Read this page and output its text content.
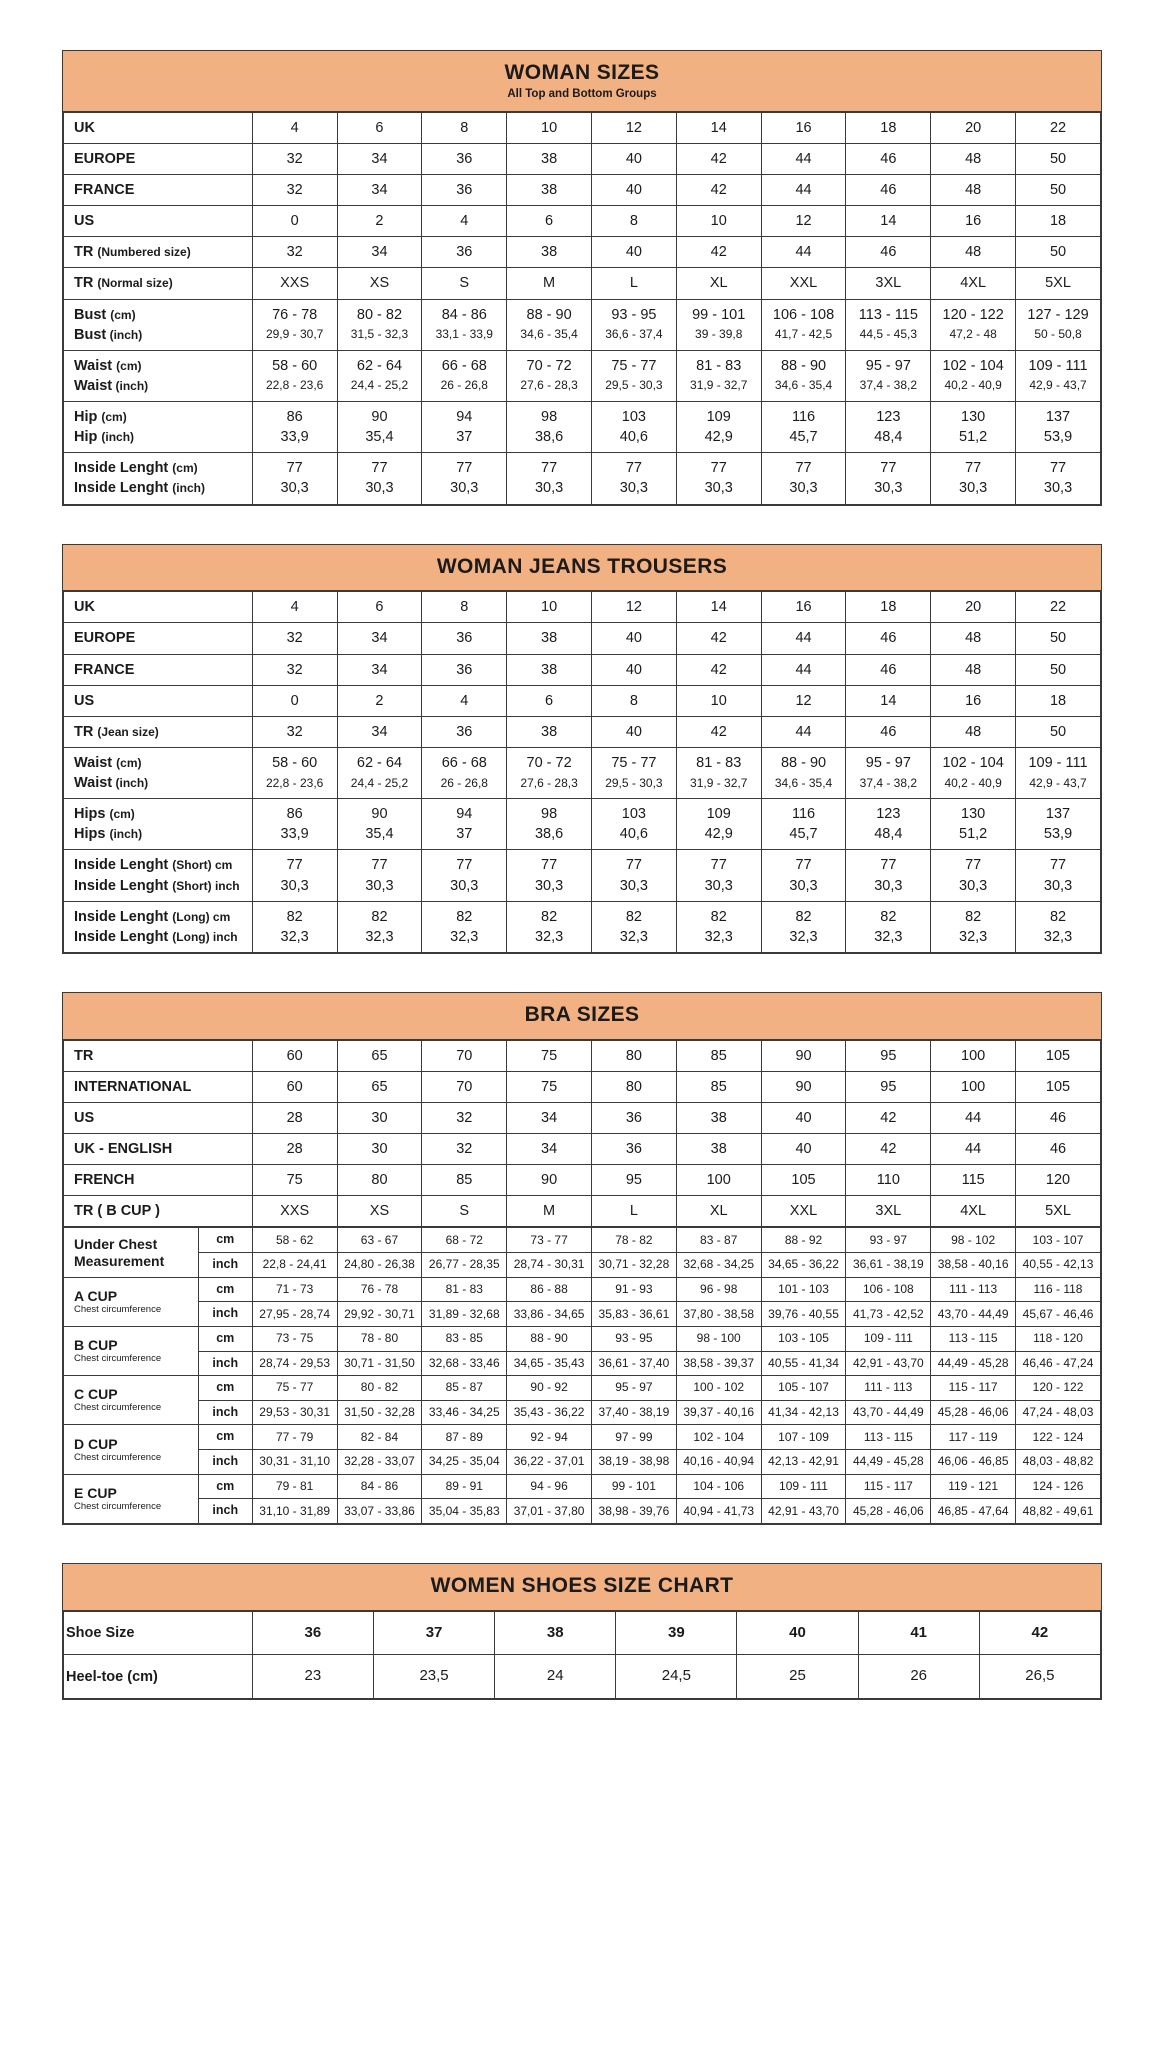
WOMAN SIZES
All Top and Bottom Groups
UK	4	6	8	10	12	14	16	18	20	22
EUROPE	32	34	36	38	40	42	44	46	48	50
FRANCE	32	34	36	38	40	42	44	46	48	50
US	0	2	4	6	8	10	12	14	16	18
TR (Numbered size)	32	34	36	38	40	42	44	46	48	50
TR (Normal size)	XXS	XS	S	M	L	XL	XXL	3XL	4XL	5XL
Bust (cm)	76 - 78	80 - 82	84 - 86	88 - 90	93 - 95	99 - 101	106 - 108	113 - 115	120 - 122	127 - 129
Bust (inch)	29,9 - 30,7	31,5 - 32,3	33,1 - 33,9	34,6 - 35,4	36,6 - 37,4	39 - 39,8	41,7 - 42,5	44,5 - 45,3	47,2 - 48	50 - 50,8
Waist (cm)	58 - 60	62 - 64	66 - 68	70 - 72	75 - 77	81 - 83	88 - 90	95 - 97	102 - 104	109 - 111
Waist (inch)	22,8 - 23,6	24,4 - 25,2	26 - 26,8	27,6 - 28,3	29,5 - 30,3	31,9 - 32,7	34,6 - 35,4	37,4 - 38,2	40,2 - 40,9	42,9 - 43,7
Hip (cm)	86	90	94	98	103	109	116	123	130	137
Hip (inch)	33,9	35,4	37	38,6	40,6	42,9	45,7	48,4	51,2	53,9
Inside Lenght (cm)	77	77	77	77	77	77	77	77	77	77
Inside Lenght (inch)	30,3	30,3	30,3	30,3	30,3	30,3	30,3	30,3	30,3	30,3
WOMAN JEANS TROUSERS
UK	4	6	8	10	12	14	16	18	20	22
EUROPE	32	34	36	38	40	42	44	46	48	50
FRANCE	32	34	36	38	40	42	44	46	48	50
US	0	2	4	6	8	10	12	14	16	18
TR (Jean size)	32	34	36	38	40	42	44	46	48	50
Waist (cm)	58 - 60	62 - 64	66 - 68	70 - 72	75 - 77	81 - 83	88 - 90	95 - 97	102 - 104	109 - 111
Waist (inch)	22,8 - 23,6	24,4 - 25,2	26 - 26,8	27,6 - 28,3	29,5 - 30,3	31,9 - 32,7	34,6 - 35,4	37,4 - 38,2	40,2 - 40,9	42,9 - 43,7
Hips (cm)	86	90	94	98	103	109	116	123	130	137
Hips (inch)	33,9	35,4	37	38,6	40,6	42,9	45,7	48,4	51,2	53,9
Inside Lenght (Short) cm	77	77	77	77	77	77	77	77	77	77
Inside Lenght (Short) inch	30,3	30,3	30,3	30,3	30,3	30,3	30,3	30,3	30,3	30,3
Inside Lenght (Long) cm	82	82	82	82	82	82	82	82	82	82
Inside Lenght (Long) inch	32,3	32,3	32,3	32,3	32,3	32,3	32,3	32,3	32,3	32,3
BRA SIZES
TR	60	65	70	75	80	85	90	95	100	105
INTERNATIONAL	60	65	70	75	80	85	90	95	100	105
US	28	30	32	34	36	38	40	42	44	46
UK - ENGLISH	28	30	32	34	36	38	40	42	44	46
FRENCH	75	80	85	90	95	100	105	110	115	120
TR ( B CUP )	XXS	XS	S	M	L	XL	XXL	3XL	4XL	5XL
Under Chest
Measurement	cm	58 - 62	63 - 67	68 - 72	73 - 77	78 - 82	83 - 87	88 - 92	93 - 97	98 - 102	103 - 107
	inch	22,8 - 24,41	24,80 - 26,38	26,77 - 28,35	28,74 - 30,31	30,71 - 32,28	32,68 - 34,25	34,65 - 36,22	36,61 - 38,19	38,58 - 40,16	40,55 - 42,13
A CUP
Chest circumference	cm	71 - 73	76 - 78	81 - 83	86 - 88	91 - 93	96 - 98	101 - 103	106 - 108	111 - 113	116 - 118
	inch	27,95 - 28,74	29,92 - 30,71	31,89 - 32,68	33,86 - 34,65	35,83 - 36,61	37,80 - 38,58	39,76 - 40,55	41,73 - 42,52	43,70 - 44,49	45,67 - 46,46
B CUP
Chest circumference	cm	73 - 75	78 - 80	83 - 85	88 - 90	93 - 95	98 - 100	103 - 105	109 - 111	113 - 115	118 - 120
	inch	28,74 - 29,53	30,71 - 31,50	32,68 - 33,46	34,65 - 35,43	36,61 - 37,40	38,58 - 39,37	40,55 - 41,34	42,91 - 43,70	44,49 - 45,28	46,46 - 47,24
C CUP
Chest circumference	cm	75 - 77	80 - 82	85 - 87	90 - 92	95 - 97	100 - 102	105 - 107	111 - 113	115 - 117	120 - 122
	inch	29,53 - 30,31	31,50 - 32,28	33,46 - 34,25	35,43 - 36,22	37,40 - 38,19	39,37 - 40,16	41,34 - 42,13	43,70 - 44,49	45,28 - 46,06	47,24 - 48,03
D CUP
Chest circumference	cm	77 - 79	82 - 84	87 - 89	92 - 94	97 - 99	102 - 104	107 - 109	113 - 115	117 - 119	122 - 124
	inch	30,31 - 31,10	32,28 - 33,07	34,25 - 35,04	36,22 - 37,01	38,19 - 38,98	40,16 - 40,94	42,13 - 42,91	44,49 - 45,28	46,06 - 46,85	48,03 - 48,82
E CUP
Chest circumference	cm	79 - 81	84 - 86	89 - 91	94 - 96	99 - 101	104 - 106	109 - 111	115 - 117	119 - 121	124 - 126
	inch	31,10 - 31,89	33,07 - 33,86	35,04 - 35,83	37,01 - 37,80	38,98 - 39,76	40,94 - 41,73	42,91 - 43,70	45,28 - 46,06	46,85 - 47,64	48,82 - 49,61
WOMEN SHOES SIZE CHART
Shoe Size	36	37	38	39	40	41	42
Heel-toe (cm)	23	23,5	24	24,5	25	26	26,5
